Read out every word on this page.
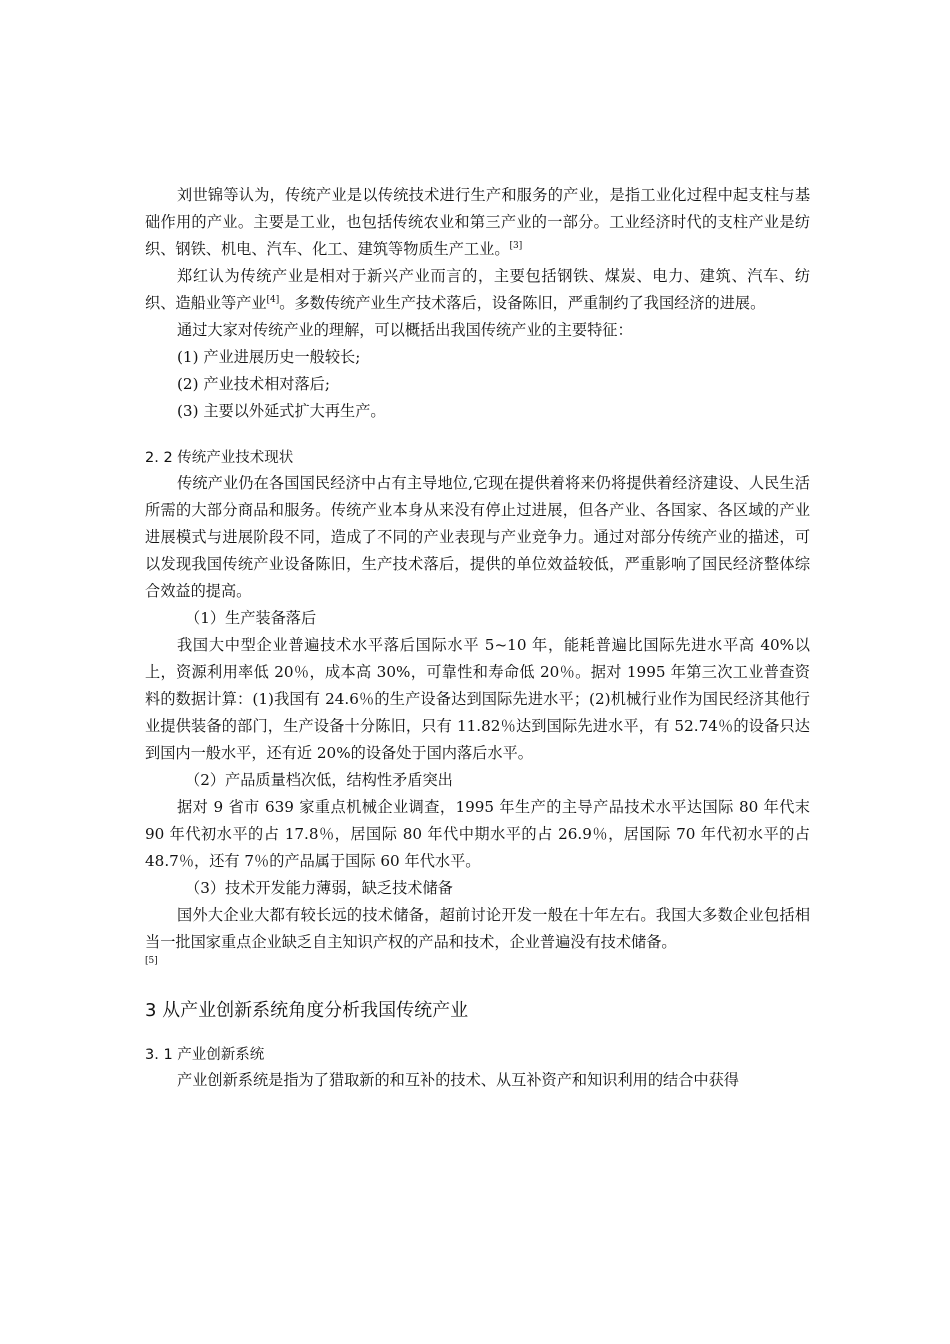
刘世锦等认为，传统产业是以传统技术进行生产和服务的产业，是指工业化过程中起支柱与基础作用的产业。主要是工业，也包括传统农业和第三产业的一部分。工业经济时代的支柱产业是纺织、钢铁、机电、汽车、化工、建筑等物质生产工业。[3]

郑红认为传统产业是相对于新兴产业而言的，主要包括钢铁、煤炭、电力、建筑、汽车、纺织、造船业等产业[4]。多数传统产业生产技术落后，设备陈旧，严重制约了我国经济的进展。

通过大家对传统产业的理解，可以概括出我国传统产业的主要特征：

(1) 产业进展历史一般较长;

(2) 产业技术相对落后;

(3) 主要以外延式扩大再生产。

2. 2 传统产业技术现状

传统产业仍在各国国民经济中占有主导地位,它现在提供着将来仍将提供着经济建设、人民生活所需的大部分商品和服务。传统产业本身从来没有停止过进展，但各产业、各国家、各区域的产业进展模式与进展阶段不同，造成了不同的产业表现与产业竞争力。通过对部分传统产业的描述，可以发现我国传统产业设备陈旧，生产技术落后，提供的单位效益较低，严重影响了国民经济整体综合效益的提高。

（1）生产装备落后

我国大中型企业普遍技术水平落后国际水平 5~10 年，能耗普遍比国际先进水平高 40%以上，资源利用率低 20％，成本高 30%，可靠性和寿命低 20％。据对 1995 年第三次工业普查资料的数据计算：(1)我国有 24.6％的生产设备达到国际先进水平；(2)机械行业作为国民经济其他行业提供装备的部门，生产设备十分陈旧，只有 11.82％达到国际先进水平，有 52.74％的设备只达到国内一般水平，还有近 20%的设备处于国内落后水平。

（2）产品质量档次低，结构性矛盾突出

据对 9 省市 639 家重点机械企业调查，1995 年生产的主导产品技术水平达国际 80 年代末 90 年代初水平的占 17.8％，居国际 80 年代中期水平的占 26.9％，居国际 70 年代初水平的占 48.7％，还有 7％的产品属于国际 60 年代水平。

（3）技术开发能力薄弱，缺乏技术储备

国外大企业大都有较长远的技术储备，超前讨论开发一般在十年左右。我国大多数企业包括相当一批国家重点企业缺乏自主知识产权的产品和技术，企业普遍没有技术储备。

[5]

3 从产业创新系统角度分析我国传统产业
3. 1 产业创新系统

产业创新系统是指为了猎取新的和互补的技术、从互补资产和知识利用的结合中获得
